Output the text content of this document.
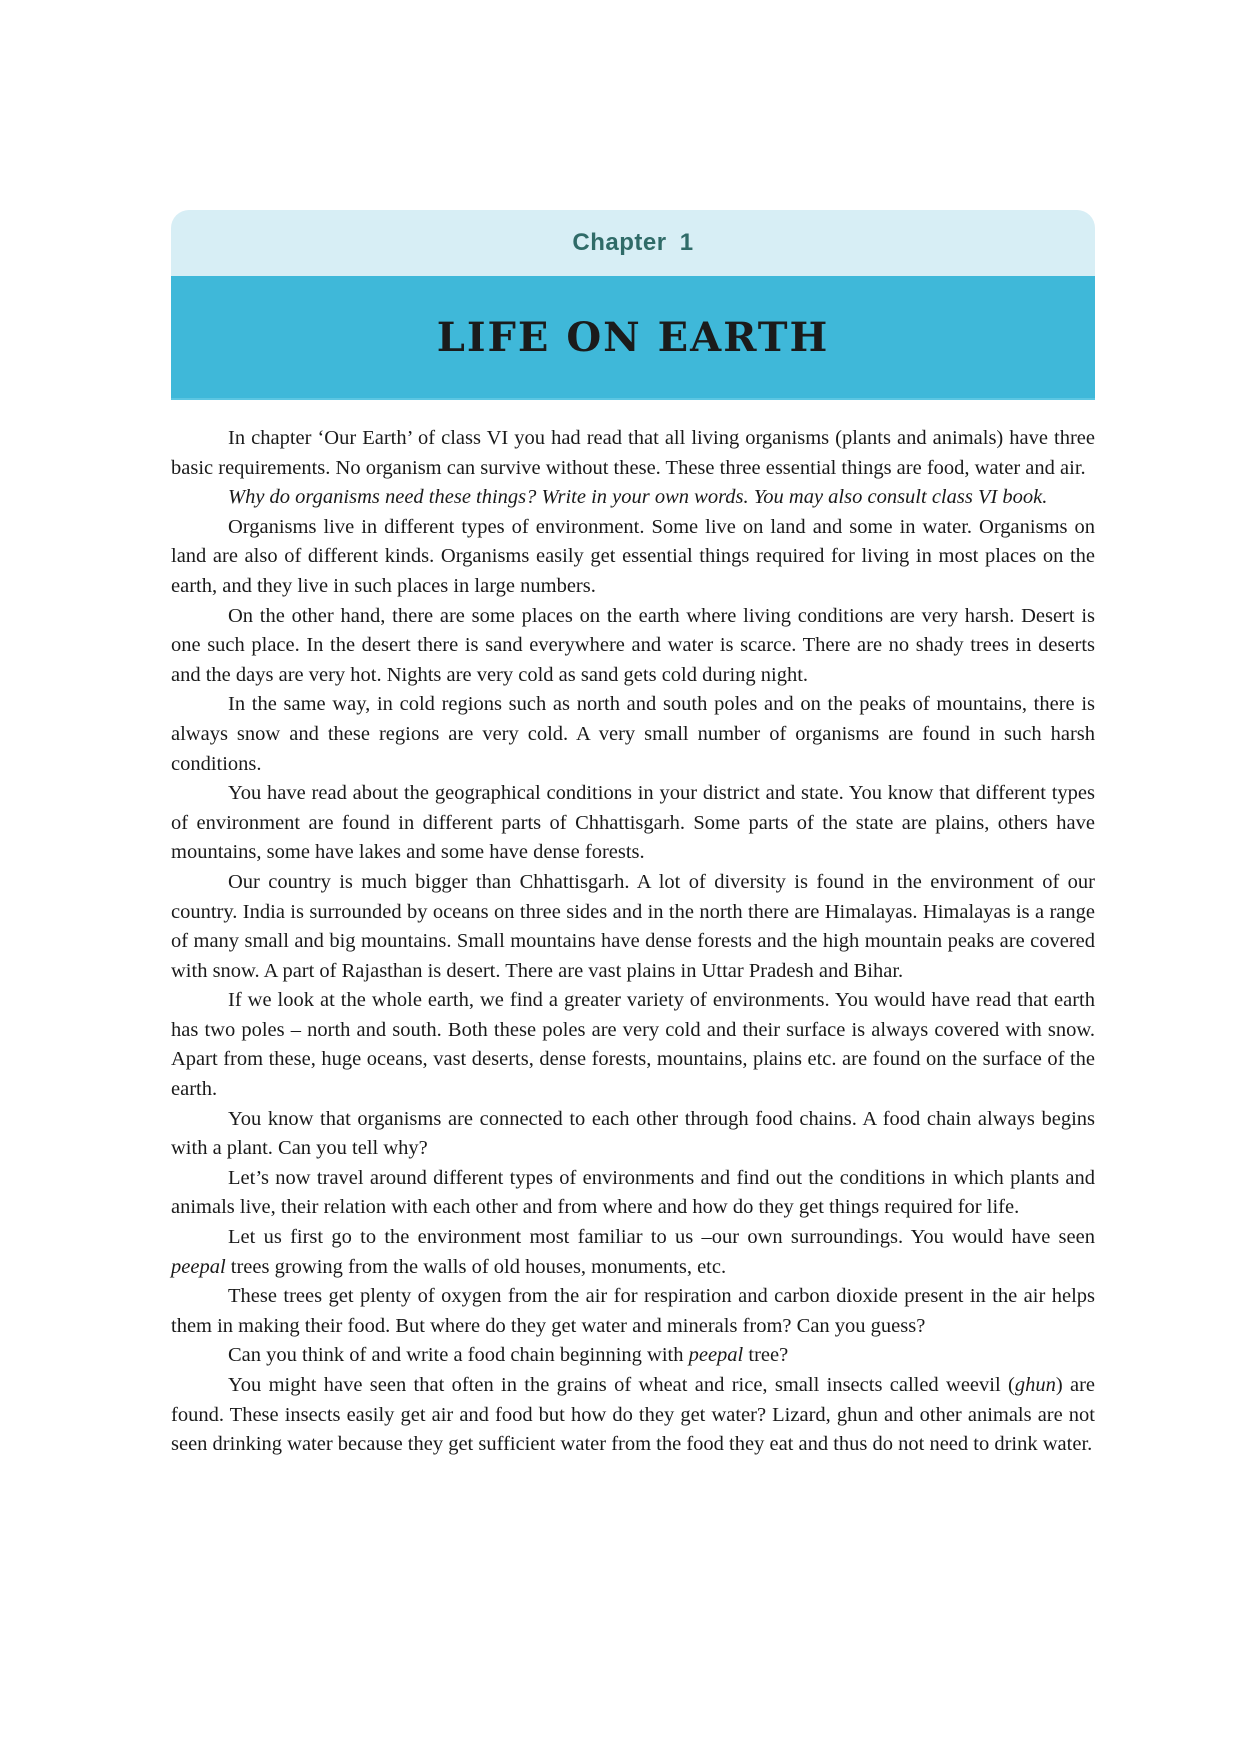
Chapter 1
LIFE ON EARTH

In chapter ‘Our Earth’ of class VI you had read that all living organisms (plants and animals) have three basic requirements. No organism can survive without these. These three essential things are food, water and air.

Why do organisms need these things? Write in your own words. You may also consult class VI book.

Organisms live in different types of environment. Some live on land and some in water. Organisms on land are also of different kinds. Organisms easily get essential things required for living in most places on the earth, and they live in such places in large numbers.

On the other hand, there are some places on the earth where living conditions are very harsh. Desert is one such place. In the desert there is sand everywhere and water is scarce. There are no shady trees in deserts and the days are very hot. Nights are very cold as sand gets cold during night.

In the same way, in cold regions such as north and south poles and on the peaks of mountains, there is always snow and these regions are very cold. A very small number of organisms are found in such harsh conditions.

You have read about the geographical conditions in your district and state. You know that different types of environment are found in different parts of Chhattisgarh. Some parts of the state are plains, others have mountains, some have lakes and some have dense forests.

Our country is much bigger than Chhattisgarh. A lot of diversity is found in the environment of our country. India is surrounded by oceans on three sides and in the north there are Himalayas. Himalayas is a range of many small and big mountains. Small mountains have dense forests and the high mountain peaks are covered with snow. A part of Rajasthan is desert. There are vast plains in Uttar Pradesh and Bihar.

If we look at the whole earth, we find a greater variety of environments. You would have read that earth has two poles – north and south. Both these poles are very cold and their surface is always covered with snow. Apart from these, huge oceans, vast deserts, dense forests, mountains, plains etc. are found on the surface of the earth.

You know that organisms are connected to each other through food chains. A food chain always begins with a plant. Can you tell why?

Let’s now travel around different types of environments and find out the conditions in which plants and animals live, their relation with each other and from where and how do they get things required for life.

Let us first go to the environment most familiar to us –our own surroundings. You would have seen peepal trees growing from the walls of old houses, monuments, etc.

These trees get plenty of oxygen from the air for respiration and carbon dioxide present in the air helps them in making their food. But where do they get water and minerals from? Can you guess?

Can you think of and write a food chain beginning with peepal tree?

You might have seen that often in the grains of wheat and rice, small insects called weevil (ghun) are found. These insects easily get air and food but how do they get water? Lizard, ghun and other animals are not seen drinking water because they get sufficient water from the food they eat and thus do not need to drink water.
